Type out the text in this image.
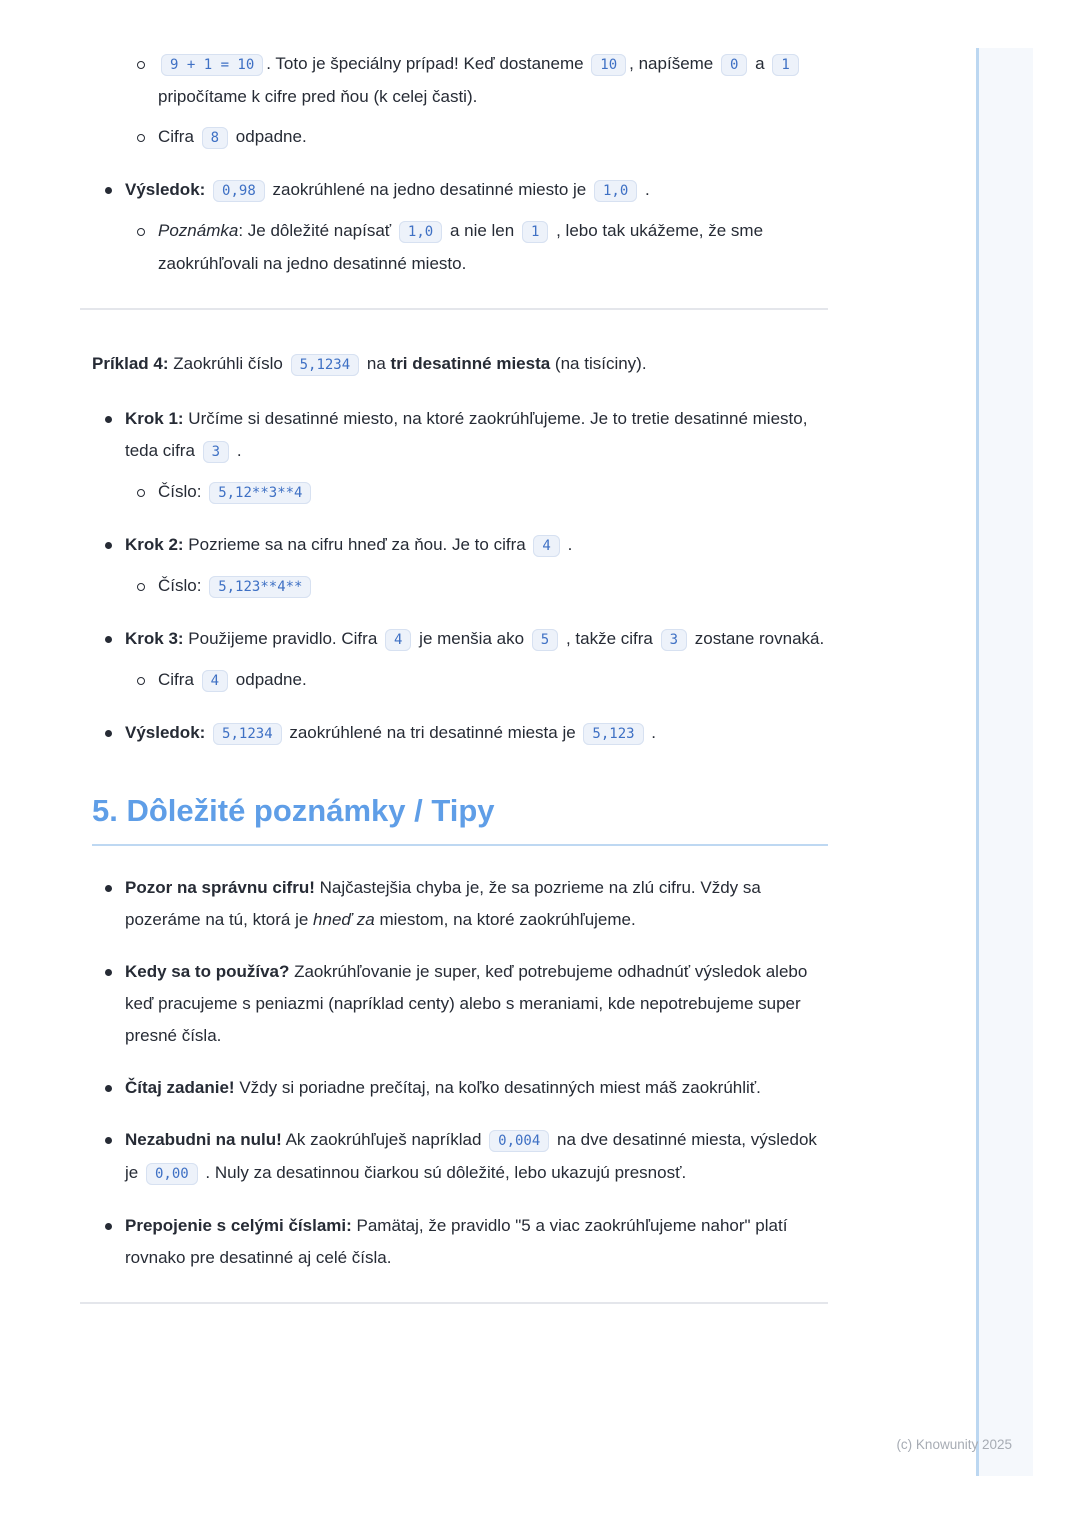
9 + 1 = 10 . Toto je špeciálny prípad! Keď dostaneme 10 , napíšeme 0 a 1 pripočítame k cifre pred ňou (k celej časti).
Cifra 8 odpadne.
Výsledok: 0,98 zaokrúhlené na jedno desatinné miesto je 1,0 .
Poznámka: Je dôležité napísať 1,0 a nie len 1 , lebo tak ukážeme, že sme zaokrúhľovali na jedno desatinné miesto.
Príklad 4: Zaokrúhli číslo 5,1234 na tri desatinné miesta (na tisíciny).
Krok 1: Určíme si desatinné miesto, na ktoré zaokrúhľujeme. Je to tretie desatinné miesto, teda cifra 3 .
Číslo: 5,12**3**4
Krok 2: Pozrieme sa na cifru hneď za ňou. Je to cifra 4 .
Číslo: 5,123**4**
Krok 3: Použijeme pravidlo. Cifra 4 je menšia ako 5 , takže cifra 3 zostane rovnaká.
Cifra 4 odpadne.
Výsledok: 5,1234 zaokrúhlené na tri desatinné miesta je 5,123 .
5. Dôležité poznámky / Tipy
Pozor na správnu cifru! Najčastejšia chyba je, že sa pozrieme na zlú cifru. Vždy sa pozeráme na tú, ktorá je hneď za miestom, na ktoré zaokrúhľujeme.
Kedy sa to používa? Zaokrúhľovanie je super, keď potrebujeme odhadnúť výsledok alebo keď pracujeme s peniazmi (napríklad centy) alebo s meraniami, kde nepotrebujeme super presné čísla.
Čítaj zadanie! Vždy si poriadne prečítaj, na koľko desatinných miest máš zaokrúhliť.
Nezabudni na nulu! Ak zaokrúhľuješ napríklad 0,004 na dve desatinné miesta, výsledok je 0,00 . Nuly za desatinnou čiarkou sú dôležité, lebo ukazujú presnosť.
Prepojenie s celými číslami: Pamätaj, že pravidlo "5 a viac zaokrúhľujeme nahor" platí rovnako pre desatinné aj celé čísla.
(c) Knowunity 2025
